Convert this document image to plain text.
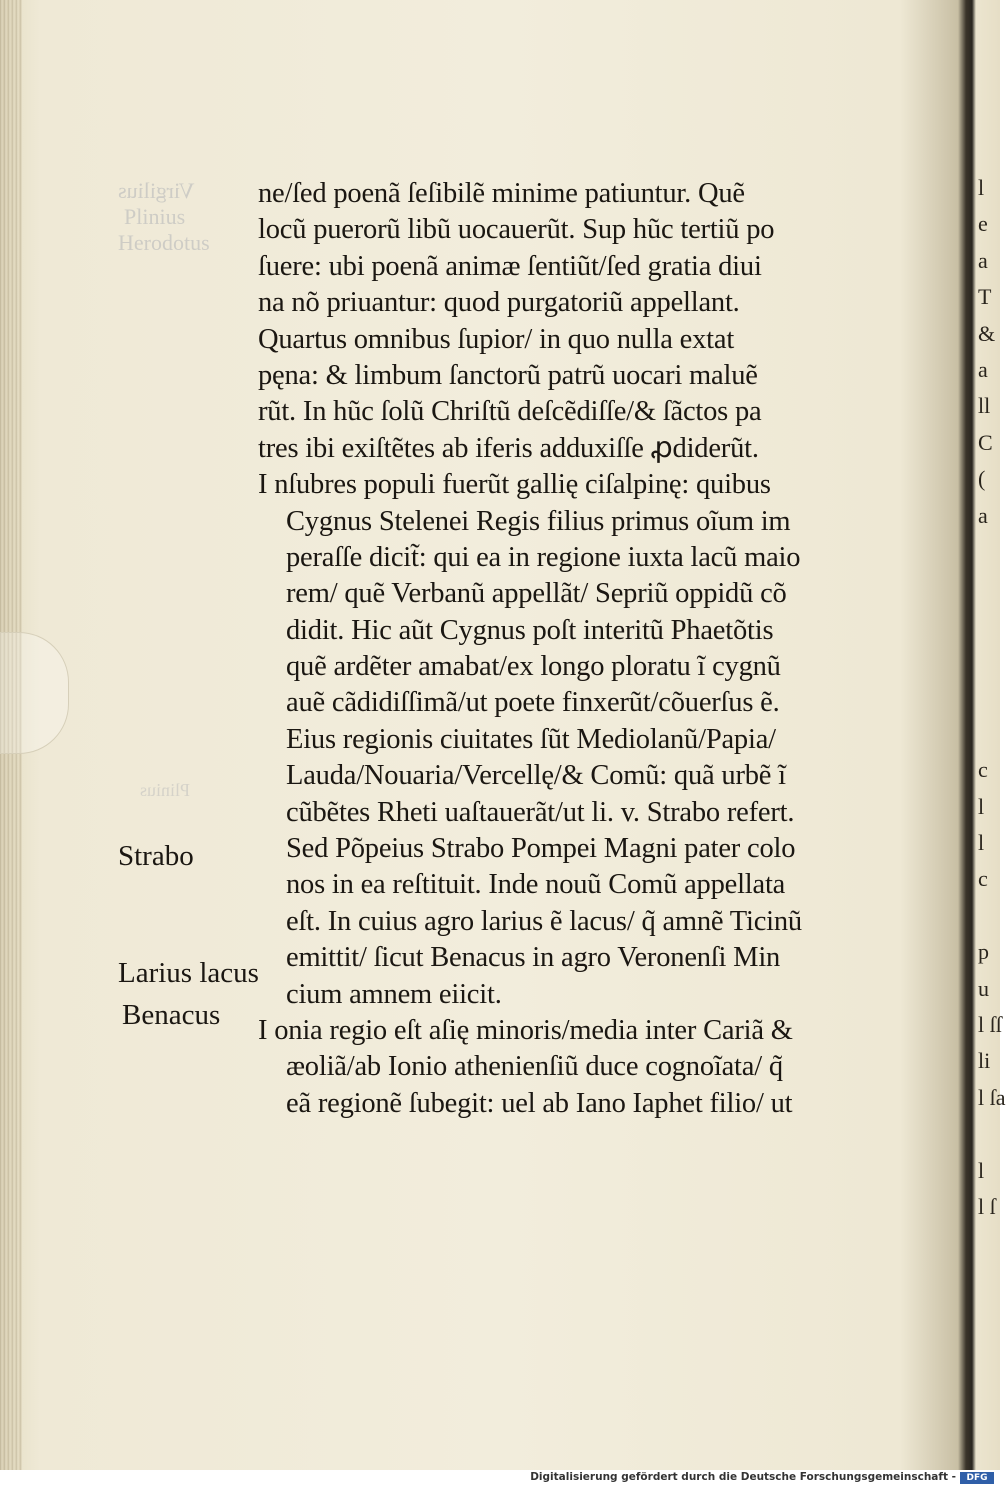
Virgilius
Plinius
Herodotus
Plinius
ne/ſed poenã ſeſibilẽ minime patiuntur. Quẽ
locũ puerorũ libũ uocauerũt. Sup hũc tertiũ po
ſuere: ubi poenã animæ ſentiũt/ſed gratia diui
na nõ priuantur: quod purgatoriũ appellant.
Quartus omnibus ſupior/ in quo nulla extat
pęna: & limbum ſanctorũ patrũ uocari maluẽ
rũt. In hũc ſolũ Chriſtũ deſcẽdiſſe/& ſãctos pa
tres ibi exiſtẽtes ab iferis adduxiſſe ꝓdiderũt.
I nſubres populi fuerũt gallię ciſalpinę: quibus
Cygnus Stelenei Regis filius primus oĩum im
peraſſe dicit̃: qui ea in regione iuxta lacũ maio
rem/ quẽ Verbanũ appellãt/ Sepriũ oppidũ cõ
didit. Hic aũt Cygnus poſt interitũ Phaetõtis
quẽ ardẽter amabat/ex longo ploratu ĩ cygnũ
auẽ cãdidiſſimã/ut poete finxerũt/cõuerſus ẽ.
Eius regionis ciuitates ſũt Mediolanũ/Papia/
Lauda/Nouaria/Vercellę/& Comũ: quã urbẽ ĩ
cũbẽtes Rheti uaſtauerãt/ut li. v. Strabo refert.
Sed Põpeius Strabo Pompei Magni pater colo
nos in ea reſtituit. Inde nouũ Comũ appellata
eſt. In cuius agro larius ẽ lacus/ q̃ amnẽ Ticinũ
emittit/ ſicut Benacus in agro Veronenſi Min
cium amnem eiicit.
I onia regio eſt aſię minoris/media inter Cariã &
æoliã/ab Ionio athenienſiũ duce cognoĩata/ q̃
eã regionẽ ſubegit: uel ab Iano Iaphet filio/ ut
Strabo
Larius lacus
Benacus
l
e
a
T
&
a
ll
C
(
a
c
l
l
c
p
u
l ſſ
li
l ſa
l
l ſ
Digitalisierung gefördert durch die Deutsche Forschungsgemeinschaft -	DFG
